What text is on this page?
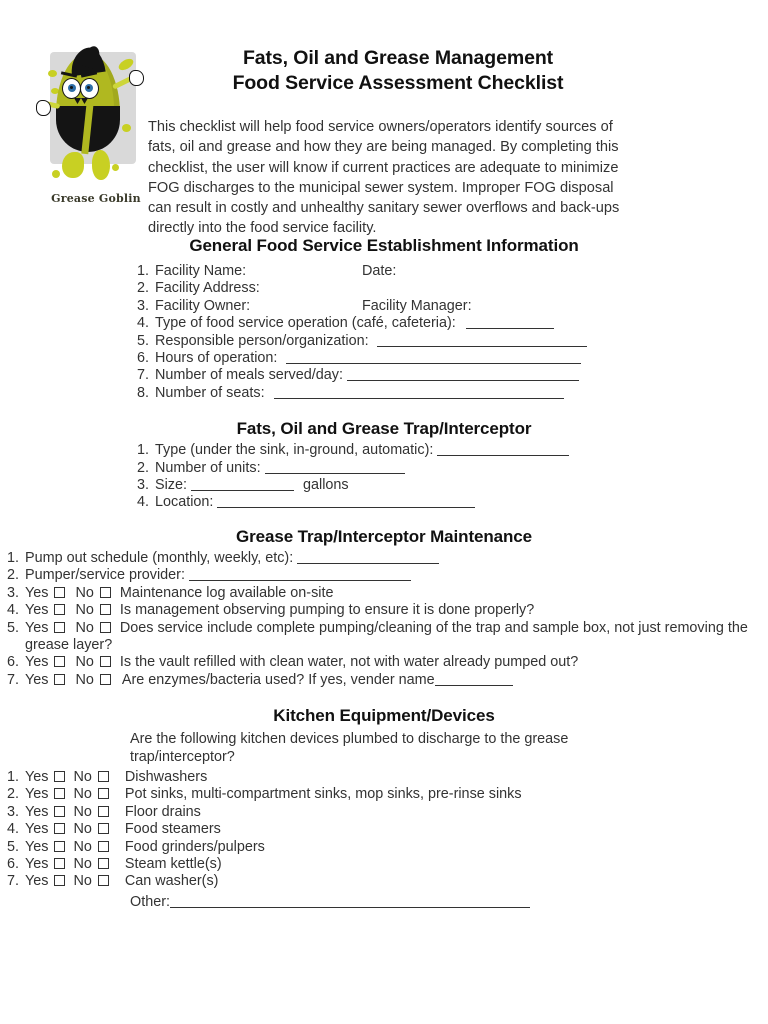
Grease Goblin
Fats, Oil and Grease Management
Food Service Assessment Checklist
This checklist will help food service owners/operators identify sources of fats, oil and grease and how they are being managed. By completing this checklist, the user will know if current practices are adequate to minimize FOG discharges to the municipal sewer system. Improper FOG disposal can result in costly and unhealthy sanitary sewer overflows and back-ups directly into the food service facility.
General Food Service Establishment Information
1. Facility Name:	Date:
2. Facility Address:
3. Facility Owner:	Facility Manager:
4. Type of food service operation (café, cafeteria):
5. Responsible person/organization:
6. Hours of operation:
7. Number of meals served/day:
8. Number of seats:
Fats, Oil and Grease Trap/Interceptor
1. Type (under the sink, in-ground, automatic):
2. Number of units:
3. Size:	gallons
4. Location:
Grease Trap/Interceptor Maintenance
1. Pump out schedule (monthly, weekly, etc):
2. Pumper/service provider:
3. Yes No Maintenance log available on-site
4. Yes No Is management observing pumping to ensure it is done properly?
5. Yes No Does service include complete pumping/cleaning of the trap and sample box, not just removing the grease layer?
6. Yes No Is the vault refilled with clean water, not with water already pumped out?
7. Yes No Are enzymes/bacteria used? If yes, vender name
Kitchen Equipment/Devices
Are the following kitchen devices plumbed to discharge to the grease trap/interceptor?
1. Yes No Dishwashers
2. Yes No Pot sinks, multi-compartment sinks, mop sinks, pre-rinse sinks
3. Yes No Floor drains
4. Yes No Food steamers
5. Yes No Food grinders/pulpers
6. Yes No Steam kettle(s)
7. Yes No Can washer(s)
Other:
